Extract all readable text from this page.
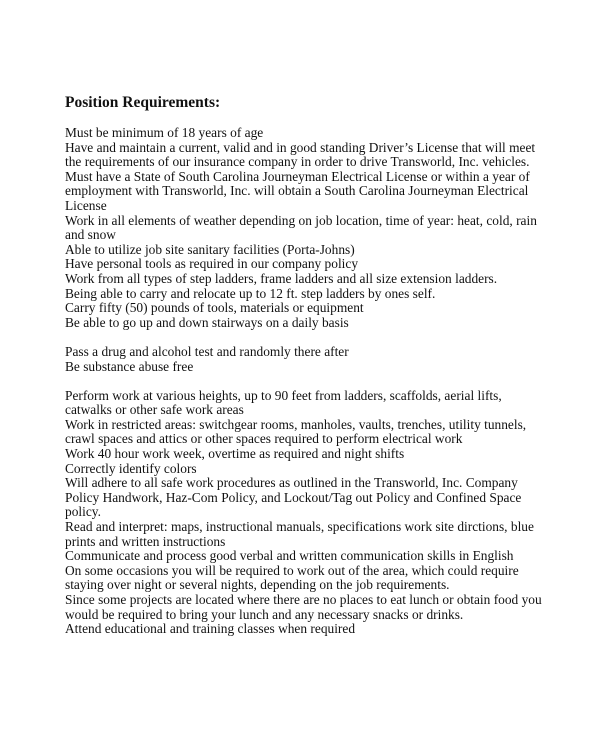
Position Requirements:
Must be minimum of 18 years of age
Have and maintain a current, valid and in good standing Driver’s License that will meet
the requirements of our insurance company in order to drive Transworld, Inc. vehicles.
Must have a State of South Carolina Journeyman Electrical License or within a year of
employment with Transworld, Inc. will obtain a South Carolina Journeyman Electrical
License
Work in all elements of weather depending on job location, time of year: heat, cold, rain
and snow
Able to utilize job site sanitary facilities (Porta-Johns)
Have personal tools as required in our company policy
Work from all types of step ladders, frame ladders and all size extension ladders.
Being able to carry and relocate up to 12 ft. step ladders by ones self.
Carry fifty (50) pounds of tools, materials or equipment
Be able to go up and down stairways on a daily basis
Pass a drug and alcohol test and randomly there after
Be substance abuse free
Perform work at various heights, up to 90 feet from ladders, scaffolds, aerial lifts,
catwalks or other safe work areas
Work in restricted areas: switchgear rooms, manholes, vaults, trenches, utility tunnels,
crawl spaces and attics or other spaces required to perform electrical work
Work 40 hour work week, overtime as required and night shifts
Correctly identify colors
Will adhere to all safe work procedures as outlined in the Transworld, Inc. Company
Policy Handwork, Haz-Com Policy, and Lockout/Tag out Policy and Confined Space
policy.
Read and interpret: maps, instructional manuals, specifications work site dirctions, blue
prints and written instructions
Communicate and process good verbal and written communication skills in English
On some occasions you will be required to work out of the area, which could require
staying over night or several nights, depending on the job requirements.
Since some projects are located where there are no places to eat lunch or obtain food you
would be required to bring your lunch and any necessary snacks or drinks.
Attend educational and training classes when required
